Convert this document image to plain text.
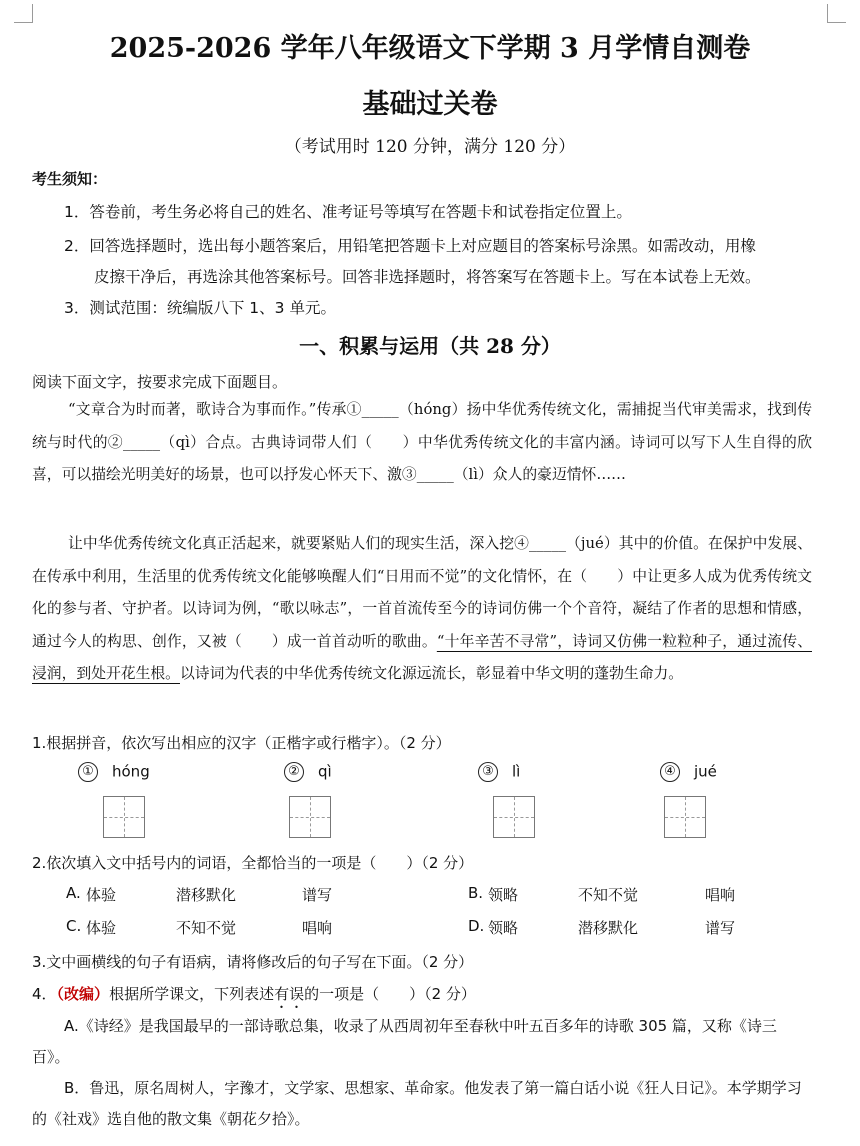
2025-2026 学年八年级语文下学期 3 月学情自测卷
基础过关卷

（考试用时 120 分钟，满分 120 分）

考生须知：

1．答卷前，考生务必将自己的姓名、准考证号等填写在答题卡和试卷指定位置上。

2．回答选择题时，选出每小题答案后，用铅笔把答题卡上对应题目的答案标号涂黑。如需改动，用橡

皮擦干净后，再选涂其他答案标号。回答非选择题时，将答案写在答题卡上。写在本试卷上无效。

3．测试范围：统编版八下 1、3 单元。

一、积累与运用（共 28 分）

阅读下面文字，按要求完成下面题目。

“文章合为时而著，歌诗合为事而作。”传承①_____（hóng）扬中华优秀传统文化，需捕捉当代审美需求，找到传统与时代的②_____（qì）合点。古典诗词带人们（　　）中华优秀传统文化的丰富内涵。诗词可以写下人生自得的欣喜，可以描绘光明美好的场景，也可以抒发心怀天下、激③_____（lì）众人的豪迈情怀……

让中华优秀传统文化真正活起来，就要紧贴人们的现实生活，深入挖④_____（jué）其中的价值。在保护中发展、在传承中利用，生活里的优秀传统文化能够唤醒人们“日用而不觉”的文化情怀，在（　　）中让更多人成为优秀传统文化的参与者、守护者。以诗词为例，“歌以咏志”，一首首流传至今的诗词仿佛一个个音符，凝结了作者的思想和情感，通过今人的构思、创作，又被（　　）成一首首动听的歌曲。“十年辛苦不寻常”，诗词又仿佛一粒粒种子，通过流传、浸润，到处开花生根。以诗词为代表的中华优秀传统文化源远流长，彰显着中华文明的蓬勃生命力。

1.根据拼音，依次写出相应的汉字（正楷字或行楷字）。（2 分）

① hóng	② qì	③ lì	④ jué

2.依次填入文中括号内的词语，全都恰当的一项是（　　）（2 分）

A. 体验	潜移默化	谱写	B. 领略	不知不觉	唱响

C. 体验	不知不觉	唱响	D. 领略	潜移默化	谱写

3.文中画横线的句子有语病，请将修改后的句子写在下面。（2 分）

4．（改编）根据所学课文，下列表述有误的一项是（　　）（2 分）

A.《诗经》是我国最早的一部诗歌总集，收录了从西周初年至春秋中叶五百多年的诗歌 305 篇，又称《诗三百》。

B．鲁迅，原名周树人，字豫才，文学家、思想家、革命家。他发表了第一篇白话小说《狂人日记》。本学期学习的《社戏》选自他的散文集《朝花夕拾》。
